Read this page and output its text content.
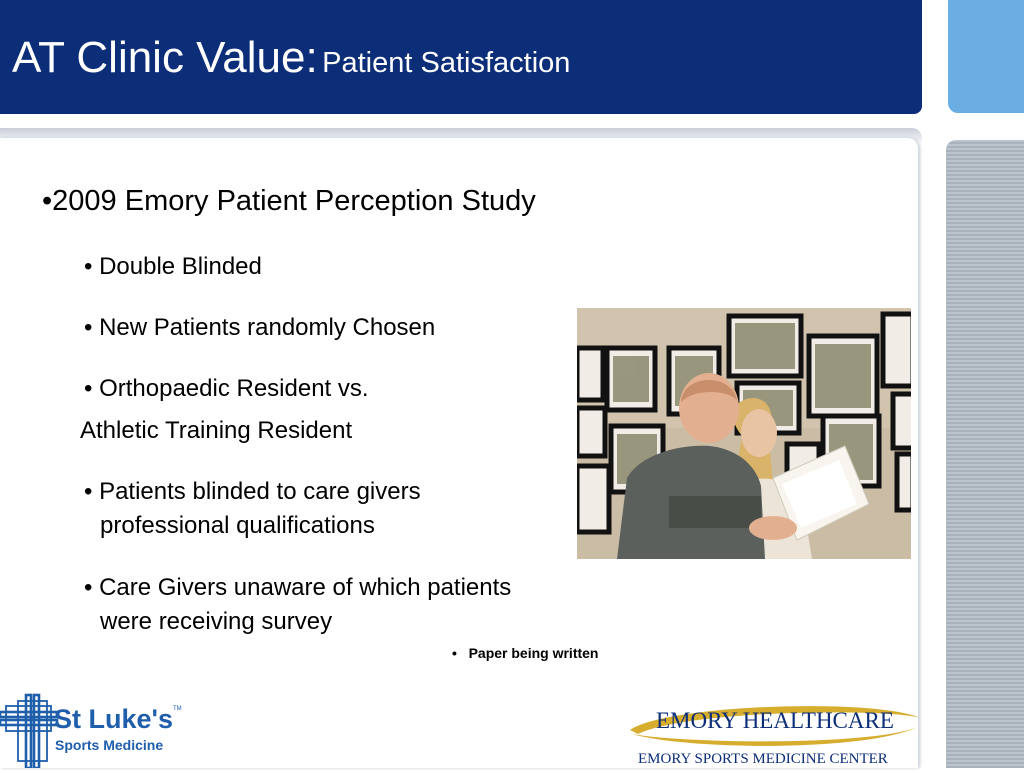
AT Clinic Value: Patient Satisfaction
•2009 Emory Patient Perception Study
• Double Blinded
• New Patients randomly Chosen
• Orthopaedic Resident vs.
Athletic Training Resident
• Patients blinded to care givers
professional qualifications
• Care Givers unaware of which patients
were receiving survey
• Paper being written
St Luke's TM
Sports Medicine
EMORY HEALTHCARE
EMORY SPORTS MEDICINE CENTER
